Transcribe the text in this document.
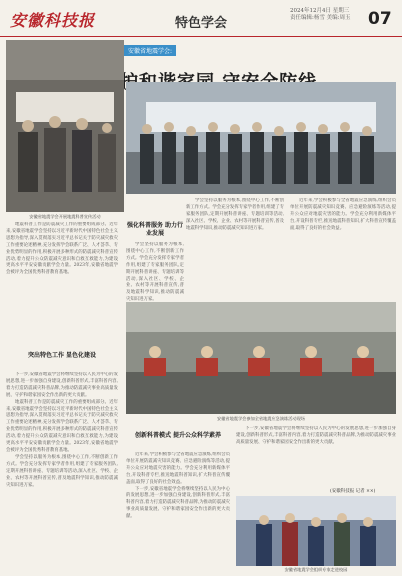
安徽科技报	特色学会
2024年12月4日 星期三
责任编辑:杨雪 美编:周玉	07
安徽省地震学会:
安徽省地震学会开展地震科普宣传活动

学会坚持以服务为根本,围绕中心工作,不断创新工作方式。学会充分发挥专家学者作用,组建了专家服务团队,定期开展科普讲座、专题培训等活动,深入社区、学校、企业、农村等开展科普宣传,普及地震科学知识,推动防震减灾知识进万家。

近年来,学会积极参与全省地震应急演练,组织会员单位开展防震减灾知识竞赛、应急避险演练等活动,提升公众应对地震灾害的能力。学会充分利用新媒体平台,开设科普专栏,推送地震科普知识,扩大科普宣传覆盖面,取得了良好的社会效益。

地震科普工作是防震减灾工作的重要组成部分。近年来,安徽省地震学会坚持以习近平新时代中国特色社会主义思想为指导,深入贯彻落实习近平总书记关于防灾减灾救灾工作重要论述精神,充分发挥学会联系广泛、人才荟萃、专业优势明显的作用,积极开展多种形式的防震减灾科普宣传活动,着力提升公众防震减灾意识和自救互救能力,为建设更高水平平安安徽贡献学会力量。2023年,安徽省地震学会被评为全国优秀科普教育基地。

强化科普服务 助力行业发展

学会坚持以服务为根本,围绕中心工作,不断创新工作方式。学会充分发挥专家学者作用,组建了专家服务团队,定期开展科普讲座、专题培训等活动,深入社区、学校、企业、农村等开展科普宣传,普及地震科学知识,推动防震减灾知识进万家。

突出特色工作 显色化建设

下一步,安徽省地震学会将继续坚持以人民为中心的发展思想,进一步加强自身建设,创新科普形式,丰富科普内容,着力打造防震减灾科普品牌,为推动防震减灾事业高质量发展、守护和谐家园安全作出新的更大贡献。

地震科普工作是防震减灾工作的重要组成部分。近年来,安徽省地震学会坚持以习近平新时代中国特色社会主义思想为指导,深入贯彻落实习近平总书记关于防灾减灾救灾工作重要论述精神,充分发挥学会联系广泛、人才荟萃、专业优势明显的作用,积极开展多种形式的防震减灾科普宣传活动,着力提升公众防震减灾意识和自救互救能力,为建设更高水平平安安徽贡献学会力量。2023年,安徽省地震学会被评为全国优秀科普教育基地。

学会坚持以服务为根本,围绕中心工作,不断创新工作方式。学会充分发挥专家学者作用,组建了专家服务团队,定期开展科普讲座、专题培训等活动,深入社区、学校、企业、农村等开展科普宣传,普及地震科学知识,推动防震减灾知识进万家。

安徽省地震学会参加全省地震应急演练活动现场
创新科普模式 提升公众科学素养

近年来,学会积极参与全省地震应急演练,组织会员单位开展防震减灾知识竞赛、应急避险演练等活动,提升公众应对地震灾害的能力。学会充分利用新媒体平台,开设科普专栏,推送地震科普知识,扩大科普宣传覆盖面,取得了良好的社会效益。

下一步,安徽省地震学会将继续坚持以人民为中心的发展思想,进一步加强自身建设,创新科普形式,丰富科普内容,着力打造防震减灾科普品牌,为推动防震减灾事业高质量发展、守护和谐家园安全作出新的更大贡献。

下一步,安徽省地震学会将继续坚持以人民为中心的发展思想,进一步加强自身建设,创新科普形式,丰富科普内容,着力打造防震减灾科普品牌,为推动防震减灾事业高质量发展、守护和谐家园安全作出新的更大贡献。

(安徽科技报 记者 ××)
安徽省地震学会组织专家走进校园
